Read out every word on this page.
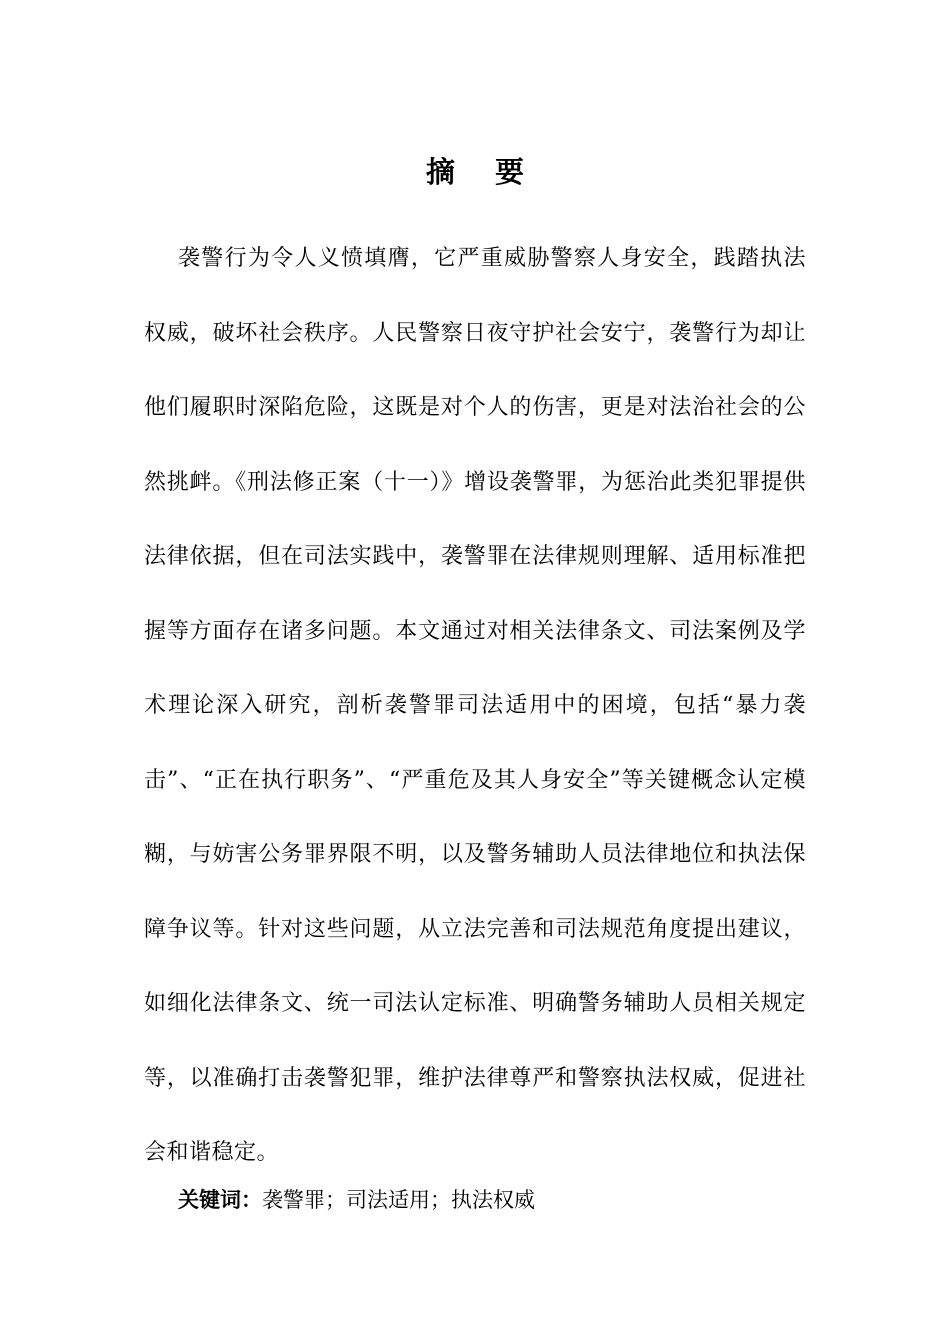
摘要

袭警行为令人义愤填膺，它严重威胁警察人身安全，践踏执法权威，破坏社会秩序。人民警察日夜守护社会安宁，袭警行为却让他们履职时深陷危险，这既是对个人的伤害，更是对法治社会的公然挑衅。《刑法修正案（十一）》增设袭警罪，为惩治此类犯罪提供法律依据，但在司法实践中，袭警罪在法律规则理解、适用标准把握等方面存在诸多问题。本文通过对相关法律条文、司法案例及学术理论深入研究，剖析袭警罪司法适用中的困境，包括“暴力袭击”、“正在执行职务”、“严重危及其人身安全”等关键概念认定模糊，与妨害公务罪界限不明，以及警务辅助人员法律地位和执法保障争议等。针对这些问题，从立法完善和司法规范角度提出建议，如细化法律条文、统一司法认定标准、明确警务辅助人员相关规定等，以准确打击袭警犯罪，维护法律尊严和警察执法权威，促进社会和谐稳定。

关键词：袭警罪；司法适用；执法权威
